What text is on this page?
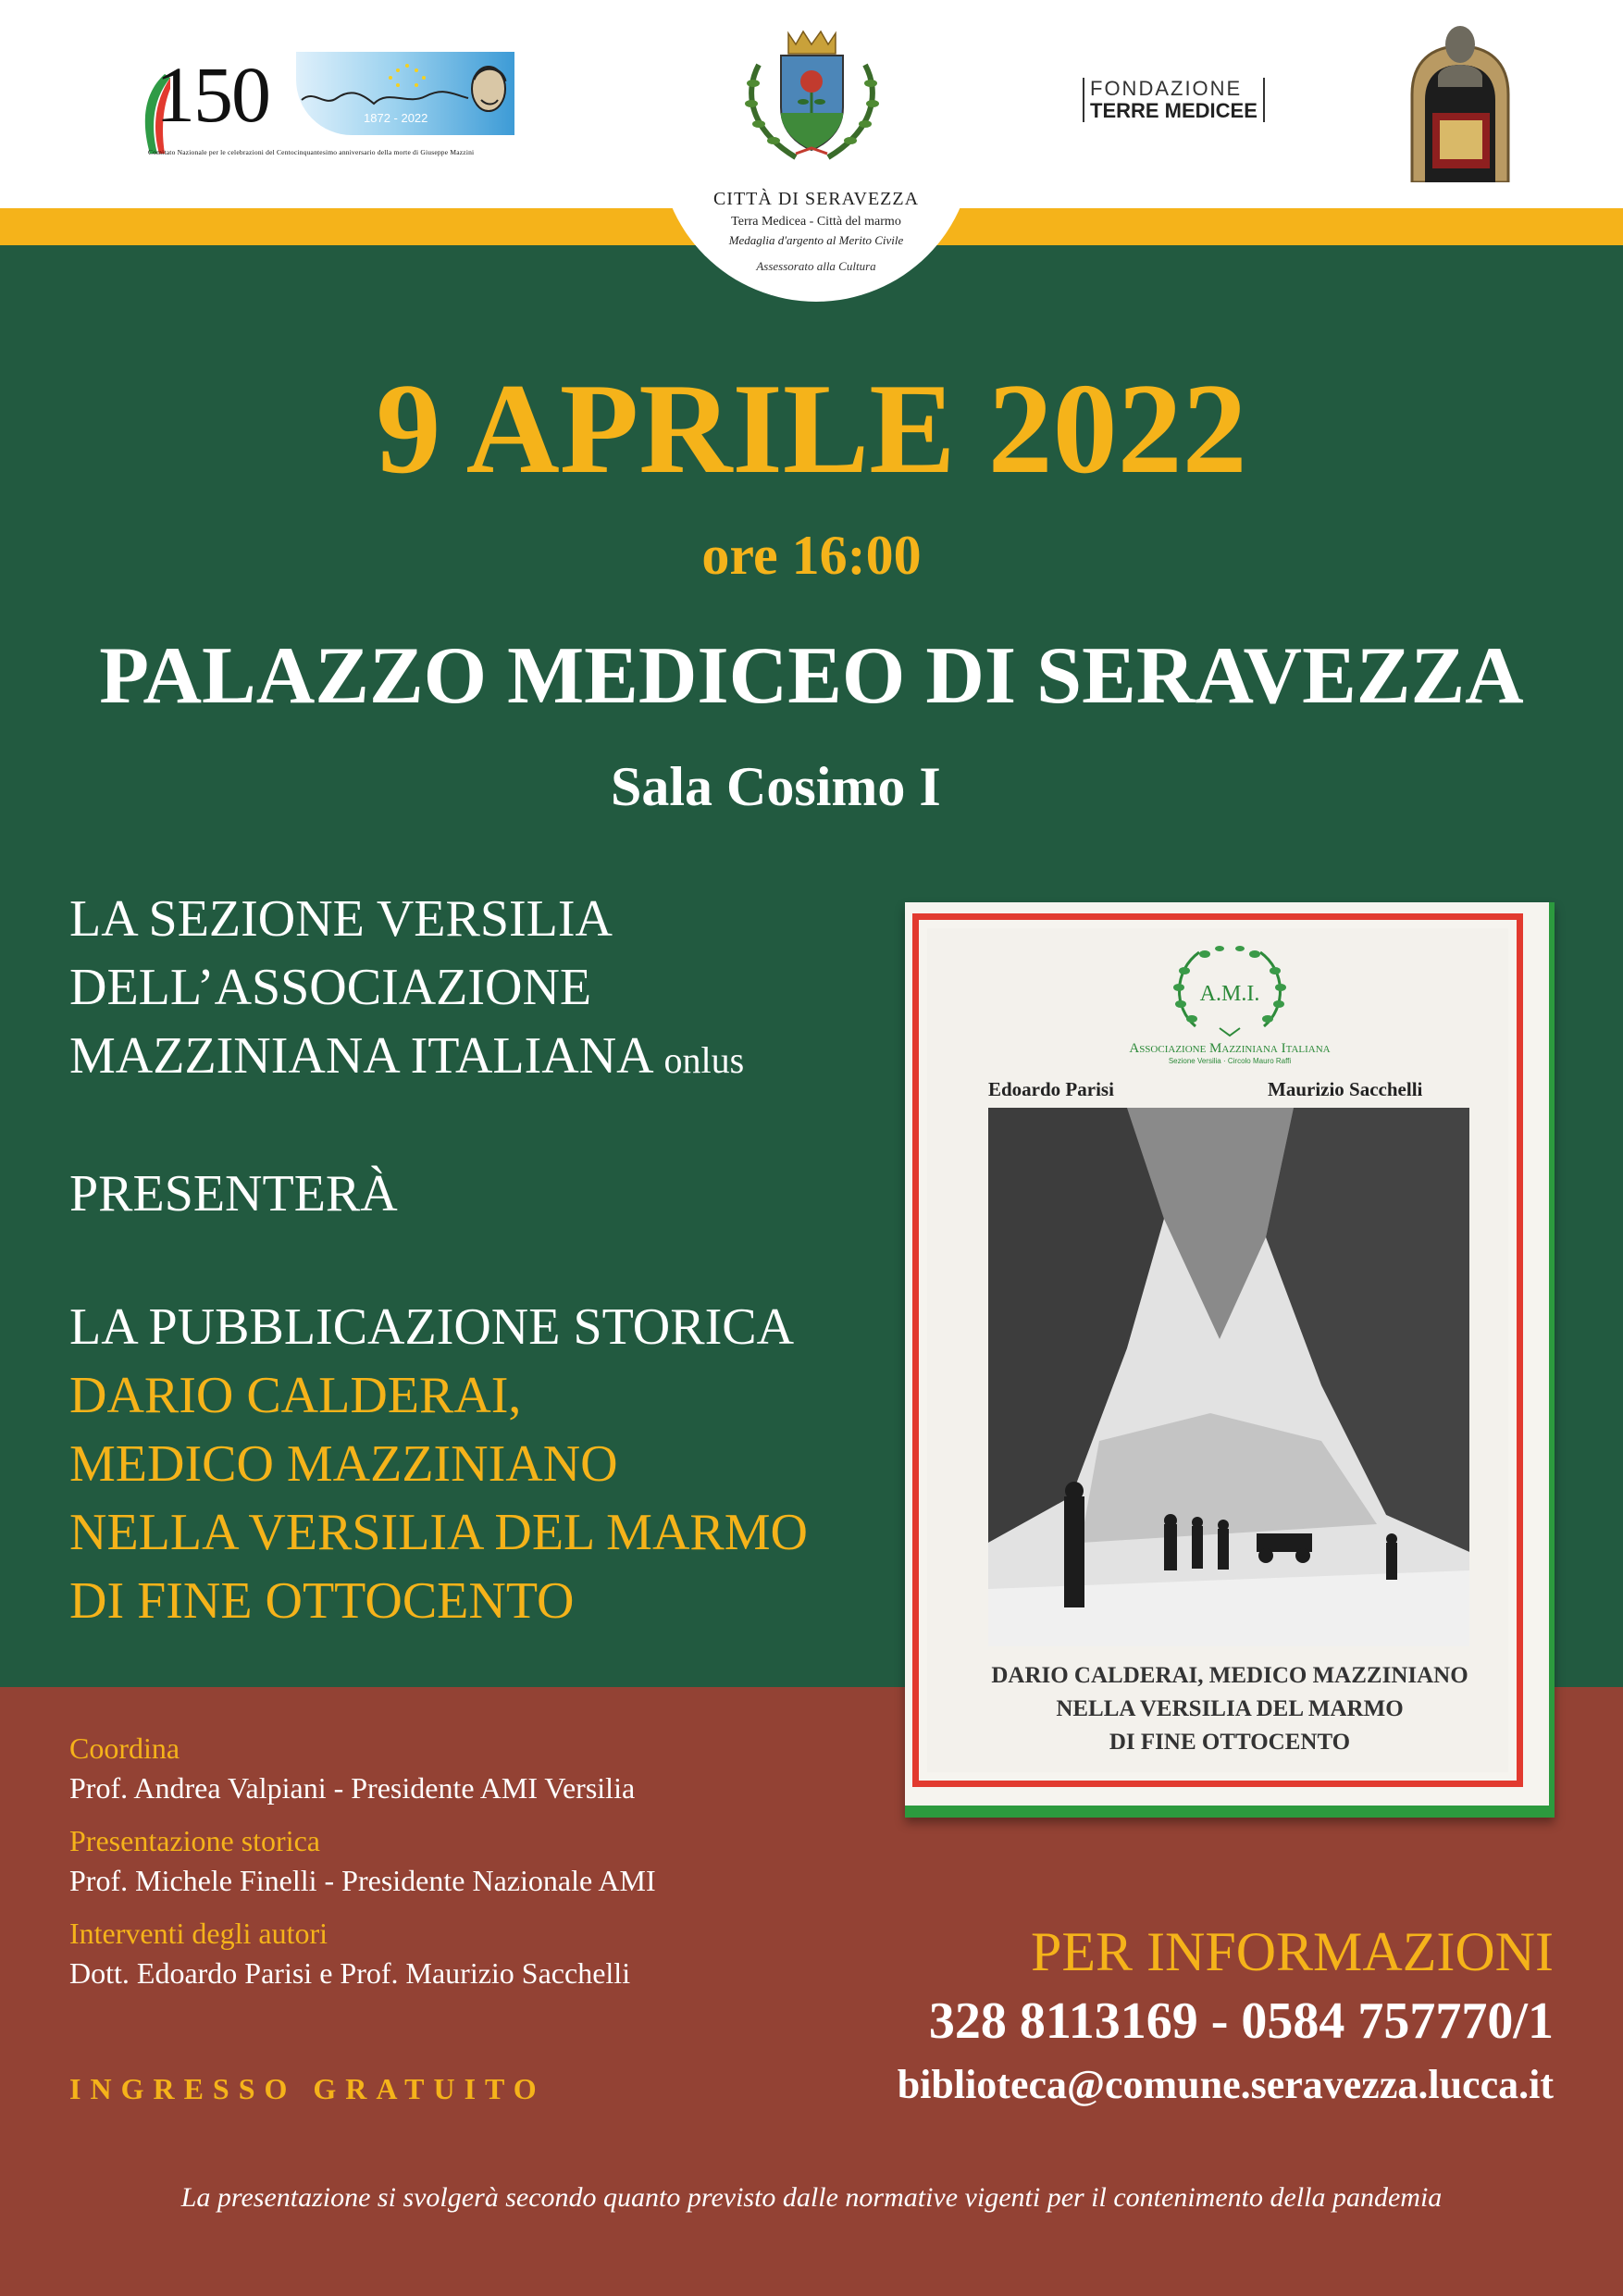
150	1872 - 2022
Comitato Nazionale per le celebrazioni del Centocinquantesimo anniversario della morte di Giuseppe Mazzini
CITTÀ DI SERAVEZZA
Terra Medicea - Città del marmo
Medaglia d'argento al Merito Civile
Assessorato alla Cultura
FONDAZIONE
TERRE MEDICEE
9 APRILE 2022
ore 16:00
PALAZZO MEDICEO DI SERAVEZZA
Sala Cosimo I
LA SEZIONE VERSILIA
DELL’ASSOCIAZIONE
MAZZINIANA ITALIANA onlus
PRESENTERÀ
LA PUBBLICAZIONE STORICA
DARIO CALDERAI,
MEDICO MAZZINIANO
NELLA VERSILIA DEL MARMO
DI FINE OTTOCENTO
A.M.I.
Associazione Mazziniana Italiana
Sezione Versilia · Circolo Mauro Raffi
Edoardo Parisi	Maurizio Sacchelli
DARIO CALDERAI, MEDICO MAZZINIANO
NELLA VERSILIA DEL MARMO
DI FINE OTTOCENTO
Coordina
Prof. Andrea Valpiani - Presidente AMI Versilia
Presentazione storica
Prof. Michele Finelli - Presidente Nazionale AMI
Interventi degli autori
Dott. Edoardo Parisi e Prof. Maurizio Sacchelli
INGRESSO GRATUITO
PER INFORMAZIONI
328 8113169 - 0584 757770/1
biblioteca@comune.seravezza.lucca.it
La presentazione si svolgerà secondo quanto previsto dalle normative vigenti per il contenimento della pandemia
